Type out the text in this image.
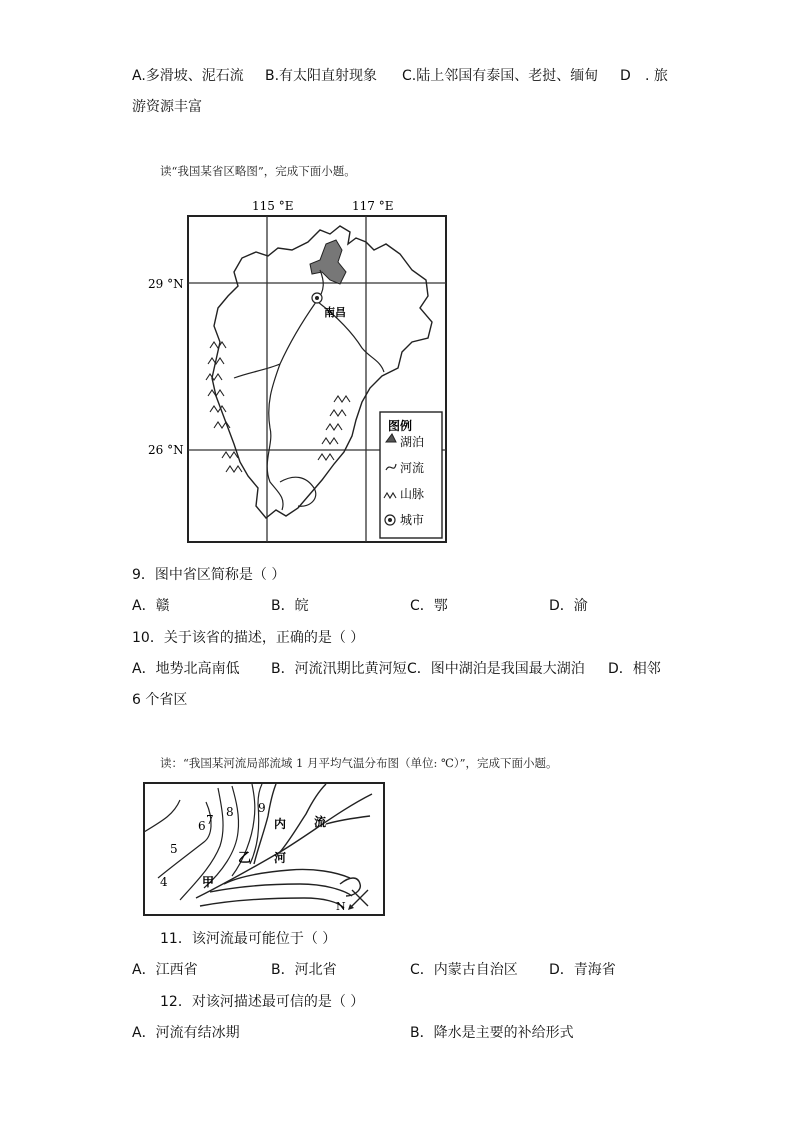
A.多滑坡、泥石流 B.有太阳直射现象 C.陆上邻国有泰国、老挝、缅甸 D . 旅
游资源丰富
读“我国某省区略图”，完成下面小题。
115 °E	117 °E
29 °N
26 °N
南昌
图例
湖泊
河流
山脉
城市
9．图中省区简称是（ ）
A．赣	B．皖	C．鄂	D．渝
10．关于该省的描述，正确的是（ ）
A．地势北高南低 B．河流汛期比黄河短 C．图中湖泊是我国最大湖泊 D．相邻
6 个省区
读：“我国某河流局部流域 1 月平均气温分布图（单位: ℃）”，完成下面小题。
5
4
6 7
8 9
内 流
河
乙
甲
N
11．该河流最可能位于（ ）
A．江西省	B．河北省	C．内蒙古自治区 D．青海省
12．对该河描述最可信的是（ ）
A．河流有结冰期	B．降水是主要的补给形式
